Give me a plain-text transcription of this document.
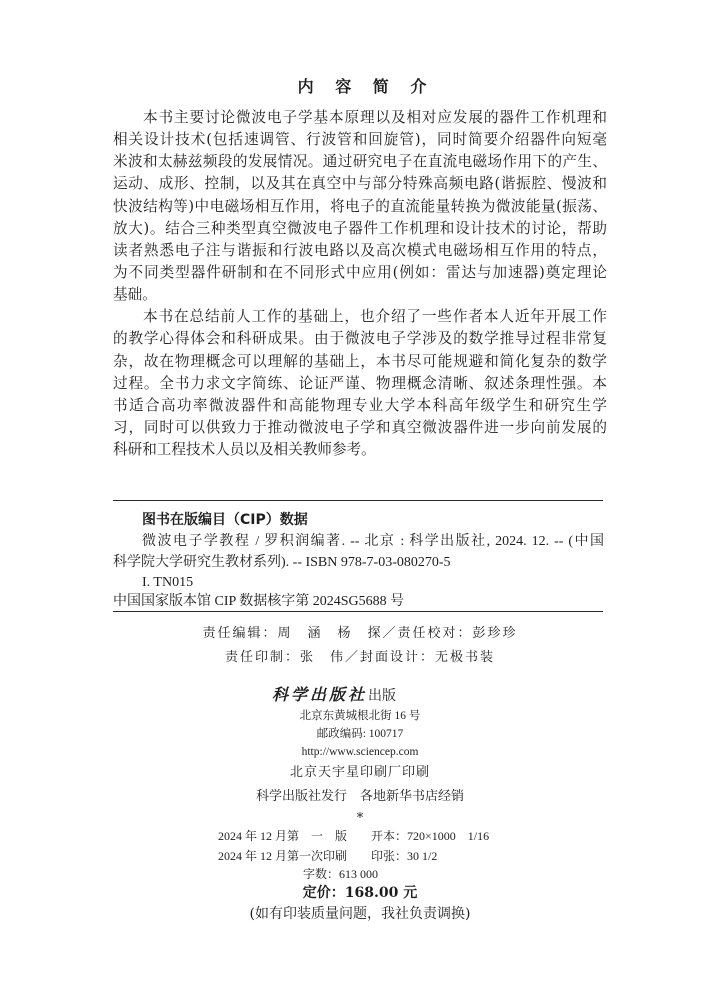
内 容 简 介
本书主要讨论微波电子学基本原理以及相对应发展的器件工作机理和
相关设计技术(包括速调管、行波管和回旋管)，同时简要介绍器件向短毫
米波和太赫兹频段的发展情况。通过研究电子在直流电磁场作用下的产生、
运动、成形、控制，以及其在真空中与部分特殊高频电路(谐振腔、慢波和
快波结构等)中电磁场相互作用，将电子的直流能量转换为微波能量(振荡、
放大)。结合三种类型真空微波电子器件工作机理和设计技术的讨论，帮助
读者熟悉电子注与谐振和行波电路以及高次模式电磁场相互作用的特点，
为不同类型器件研制和在不同形式中应用(例如：雷达与加速器)奠定理论
基础。
本书在总结前人工作的基础上，也介绍了一些作者本人近年开展工作
的教学心得体会和科研成果。由于微波电子学涉及的数学推导过程非常复
杂，故在物理概念可以理解的基础上，本书尽可能规避和简化复杂的数学
过程。全书力求文字简练、论证严谨、物理概念清晰、叙述条理性强。本
书适合高功率微波器件和高能物理专业大学本科高年级学生和研究生学
习，同时可以供致力于推动微波电子学和真空微波器件进一步向前发展的
科研和工程技术人员以及相关教师参考。
图书在版编目（CIP）数据
微波电子学教程 / 罗积润编著. -- 北京 : 科学出版社, 2024. 12. -- (中国
科学院大学研究生教材系列). -- ISBN 978-7-03-080270-5
I. TN015
中国国家版本馆 CIP 数据核字第 2024SG5688 号
责任编辑：周　涵　杨　探／责任校对：彭珍珍
责任印制：张　伟／封面设计：无极书装
科学出版社出版
北京东黄城根北街 16 号
邮政编码: 100717
http://www.sciencep.com
北京天宇星印刷厂印刷
科学出版社发行　各地新华书店经销
*
2024 年 12 月第　一　版 开本：720×1000　1/16
2024 年 12 月第一次印刷 印张：30 1/2
字数：613 000
定价：168.00 元
(如有印装质量问题，我社负责调换)
